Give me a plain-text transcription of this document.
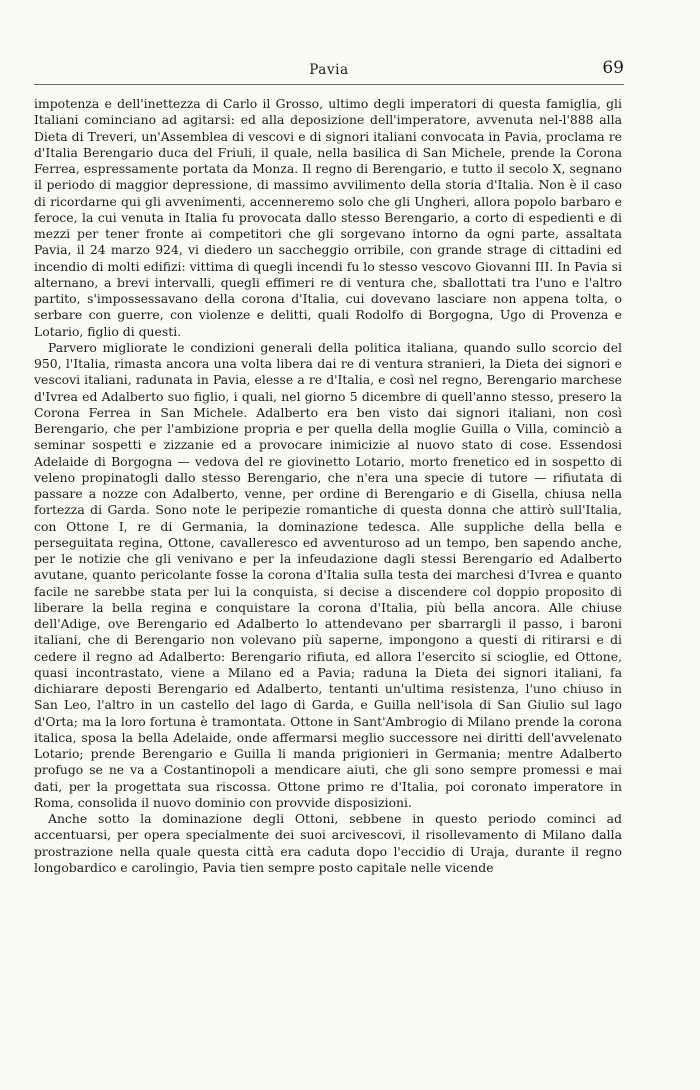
Pavia	69

impotenza e dell'inettezza di Carlo il Grosso, ultimo degli imperatori di questa famiglia, gli Italiani cominciano ad agitarsi: ed alla deposizione dell'imperatore, avvenuta nel-l'888 alla Dieta di Treveri, un'Assemblea di vescovi e di signori italiani convocata in Pavia, proclama re d'Italia Berengario duca del Friuli, il quale, nella basilica di San Michele, prende la Corona Ferrea, espressamente portata da Monza. Il regno di Berengario, e tutto il secolo X, segnano il periodo di maggior depressione, di massimo avvilimento della storia d'Italia. Non è il caso di ricordarne qui gli avvenimenti, accenneremo solo che gli Ungheri, allora popolo barbaro e feroce, la cui venuta in Italia fu provocata dallo stesso Berengario, a corto di espedienti e di mezzi per tener fronte ai competitori che gli sorgevano intorno da ogni parte, assaltata Pavia, il 24 marzo 924, vi diedero un saccheggio orribile, con grande strage di cittadini ed incendio di molti edifizi: vittima di quegli incendi fu lo stesso vescovo Giovanni III. In Pavia si alternano, a brevi intervalli, quegli effimeri re di ventura che, sballottati tra l'uno e l'altro partito, s'impossessavano della corona d'Italia, cui dovevano lasciare non appena tolta, o serbare con guerre, con violenze e delitti, quali Rodolfo di Borgogna, Ugo di Provenza e Lotario, figlio di questi.

Parvero migliorate le condizioni generali della politica italiana, quando sullo scorcio del 950, l'Italia, rimasta ancora una volta libera dai re di ventura stranieri, la Dieta dei signori e vescovi italiani, radunata in Pavia, elesse a re d'Italia, e così nel regno, Berengario marchese d'Ivrea ed Adalberto suo figlio, i quali, nel giorno 5 dicembre di quell'anno stesso, presero la Corona Ferrea in San Michele. Adalberto era ben visto dai signori italiani, non così Berengario, che per l'ambizione propria e per quella della moglie Guilla o Villa, cominciò a seminar sospetti e zizzanie ed a provocare inimicizie al nuovo stato di cose. Essendosi Adelaide di Borgogna — vedova del re giovinetto Lotario, morto frenetico ed in sospetto di veleno propinatogli dallo stesso Berengario, che n'era una specie di tutore — rifiutata di passare a nozze con Adalberto, venne, per ordine di Berengario e di Gisella, chiusa nella fortezza di Garda. Sono note le peripezie romantiche di questa donna che attirò sull'Italia, con Ottone I, re di Germania, la dominazione tedesca. Alle suppliche della bella e perseguitata regina, Ottone, cavalleresco ed avventuroso ad un tempo, ben sapendo anche, per le notizie che gli venivano e per la infeudazione dagli stessi Berengario ed Adalberto avutane, quanto pericolante fosse la corona d'Italia sulla testa dei marchesi d'Ivrea e quanto facile ne sarebbe stata per lui la conquista, si decise a discendere col doppio proposito di liberare la bella regina e conquistare la corona d'Italia, più bella ancora. Alle chiuse dell'Adige, ove Berengario ed Adalberto lo attendevano per sbarrargli il passo, i baroni italiani, che di Berengario non volevano più saperne, impongono a questi di ritirarsi e di cedere il regno ad Adalberto: Berengario rifiuta, ed allora l'esercito si scioglie, ed Ottone, quasi incontrastato, viene a Milano ed a Pavia; raduna la Dieta dei signori italiani, fa dichiarare deposti Berengario ed Adalberto, tentanti un'ultima resistenza, l'uno chiuso in San Leo, l'altro in un castello del lago di Garda, e Guilla nell'isola di San Giulio sul lago d'Orta; ma la loro fortuna è tramontata. Ottone in Sant'Ambrogio di Milano prende la corona italica, sposa la bella Adelaide, onde affermarsi meglio successore nei diritti dell'avvelenato Lotario; prende Berengario e Guilla li manda prigionieri in Germania; mentre Adalberto profugo se ne va a Costantinopoli a mendicare aiuti, che gli sono sempre promessi e mai dati, per la progettata sua riscossa. Ottone primo re d'Italia, poi coronato imperatore in Roma, consolida il nuovo dominio con provvide disposizioni.

Anche sotto la dominazione degli Ottoni, sebbene in questo periodo cominci ad accentuarsi, per opera specialmente dei suoi arcivescovi, il risollevamento di Milano dalla prostrazione nella quale questa città era caduta dopo l'eccidio di Uraja, durante il regno longobardico e carolingio, Pavia tien sempre posto capitale nelle vicende
